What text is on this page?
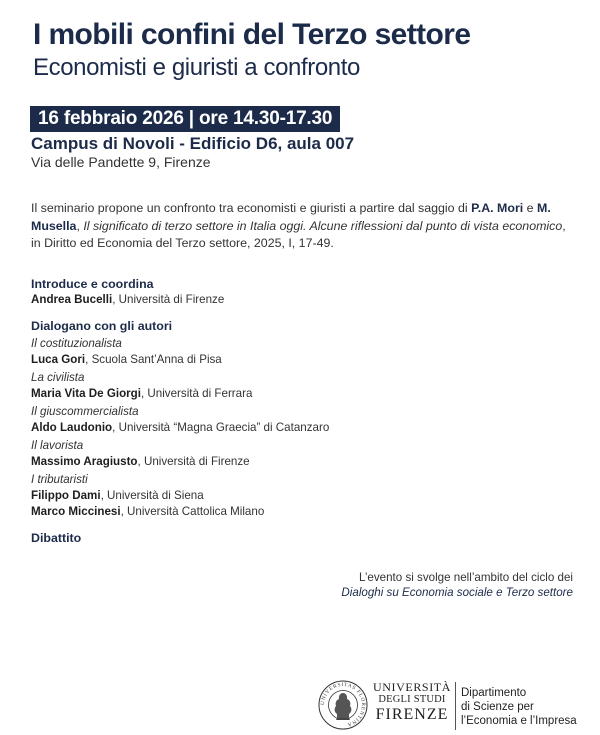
I mobili confini del Terzo settore
Economisti e giuristi a confronto
16 febbraio 2026 | ore 14.30-17.30
Campus di Novoli - Edificio D6, aula 007
Via delle Pandette 9, Firenze
Il seminario propone un confronto tra economisti e giuristi a partire dal saggio di P.A. Mori e M. Musella, Il significato di terzo settore in Italia oggi. Alcune riflessioni dal punto di vista economico, in Diritto ed Economia del Terzo settore, 2025, I, 17-49.
Introduce e coordina
Andrea Bucelli, Università di Firenze
Dialogano con gli autori
Il costituzionalista
Luca Gori, Scuola Sant’Anna di Pisa
La civilista
Maria Vita De Giorgi, Università di Ferrara
Il giuscommercialista
Aldo Laudonio, Università “Magna Graecia” di Catanzaro
Il lavorista
Massimo Aragiusto, Università di Firenze
I tributaristi
Filippo Dami, Università di Siena
Marco Miccinesi, Università Cattolica Milano
Dibattito
L’evento si svolge nell’ambito del ciclo dei
Dialoghi su Economia sociale e Terzo settore
UNIVERSITAS FLORENTINA
UNIVERSITÀ
DEGLI STUDI
FIRENZE
Dipartimento
di Scienze per
l’Economia e l’Impresa
